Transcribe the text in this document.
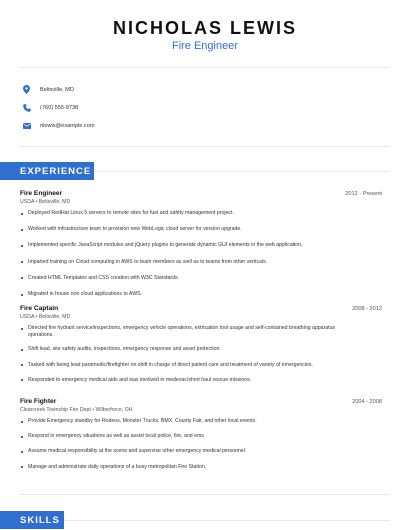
NICHOLAS LEWIS
Fire Engineer
Beltsville, MD
(760) 555-9738
nlewis@example.com
EXPERIENCE
Fire Engineer	2012 - Present
USDA • Beltsville, MD
Deployed RedHat Linux 5 servers to remote sites for fuel and safety management project.
Worked with infrastructure team to provision new WebLogic cloud server for version upgrade.
Implemented specific JavaScript modules and jQuery plugins to generate dynamic GUI elements in the web application.
Imparted training on Cloud computing in AWS to team members as well as to teams from other verticals.
Created HTML Templates and CSS creation with W3C Standards.
Migrated in house non cloud applications to AWS.
Fire Captain	2008 - 2012
USDA • Beltsville, MD
Directed fire hydrant service/inspections, emergency vehicle operations, extrication tool usage and self-contained breathing apparatus operations.
Shift lead, site safety audits, inspections, emergency response and asset protection
Tasked with being lead paramedic/firefighter on shift in charge of direct patient care and treatment of variety of emergencies.
Responded to emergency medical aids and was involved in medevac/short haul rescue missions.
Fire Fighter	2004 - 2008
Clearcreek Township Fire Dept • Wilberforce, OH
Provide Emergency standby for Rodeos, Monster Trucks, BMX, County Fair, and other local events.
Respond to emergency situations as well as assist local police, fire, and ems.
Assume medical responsibility at the scene and supervise other emergency medical personnel.
Manage and administrate daily operations of a busy metropolitan Fire Station.
SKILLS
